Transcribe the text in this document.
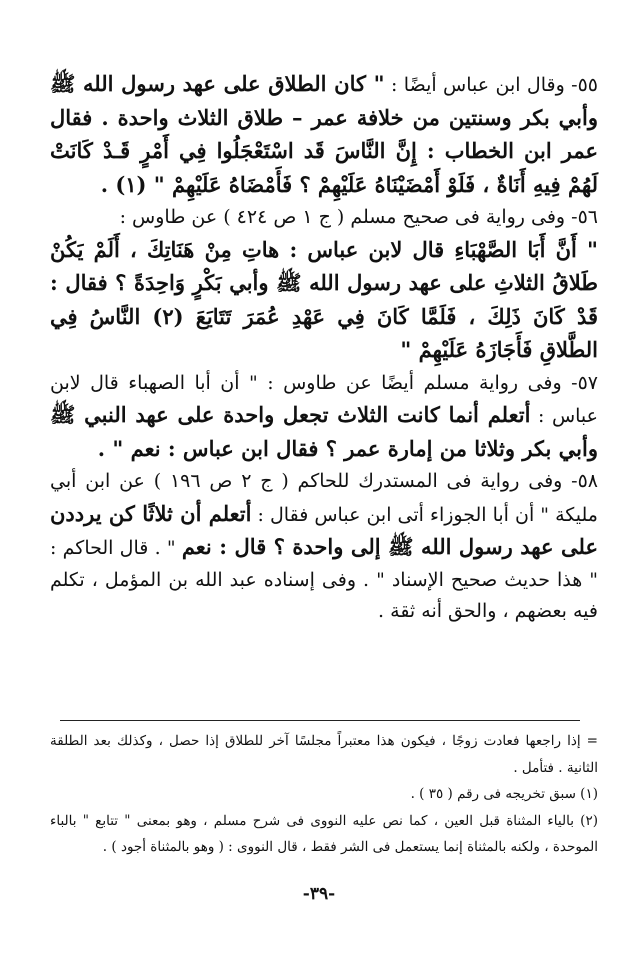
٥٥- وقال ابن عباس أيضًا : " كان الطلاق على عهد رسول الله ﷺ وأبي بكر وسنتين من خلافة عمر – طلاق الثلاث واحدة . فقال عمر ابن الخطاب : إِنَّ النَّاسَ قَد اسْتَعْجَلُوا فِي أَمْرٍ قَـدْ كَانَتْ لَهُمْ فِيهِ أَنَاةٌ ، فَلَوْ أَمْضَيْنَاهُ عَلَيْهِمْ ؟ فَأَمْضَاهُ عَلَيْهِمْ " (١) .

٥٦- وفى رواية فى صحيح مسلم ( ج ١ ص ٤٢٤ ) عن طاوس :
" أَنَّ أَبَا الصَّهْبَاءِ قال لابن عباس : هاتِ مِنْ هَنَاتِكَ ، أَلَمْ يَكُنْ طَلاقُ الثلاثِ على عهد رسول الله ﷺ وأبي بَكْرٍ وَاحِدَةً ؟ فقال : قَدْ كَانَ ذَلِكَ ، فَلَمَّا كَانَ فِي عَهْدِ عُمَرَ تَتَايَعَ (٢) النَّاسُ فِي الطَّلاقِ فَأَجَازَهُ عَلَيْهِمْ "

٥٧- وفى رواية مسلم أيضًا عن طاوس : " أن أبا الصهباء قال لابن عباس : أتعلم أنما كانت الثلاث تجعل واحدة على عهد النبي ﷺ وأبي بكر وثلاثا من إمارة عمر ؟ فقال ابن عباس : نعم " .

٥٨- وفى رواية فى المستدرك للحاكم ( ج ٢ ص ١٩٦ ) عن ابن أبي مليكة " أن أبا الجوزاء أتى ابن عباس فقال : أتعلم أن ثلاثًا كن يرددن على عهد رسول الله ﷺ إلى واحدة ؟ قال : نعم " . قال الحاكم : " هذا حديث صحيح الإسناد " . وفى إسناده عبد الله بن المؤمل ، تكلم فيه بعضهم ، والحق أنه ثقة .

= إذا راجعها فعادت زوجًا ، فيكون هذا معتبراً مجلسًا آخر للطلاق إذا حصل ، وكذلك بعد الطلقة الثانية . فتأمل .

(١) سبق تخريجه فى رقم ( ٣٥ ) .

(٢) بالياء المثناة قبل العين ، كما نص عليه النووى فى شرح مسلم ، وهو بمعنى " تتابع " بالباء الموحدة ، ولكنه بالمثناة إنما يستعمل فى الشر فقط ، قال النووى : ( وهو بالمثناة أجود ) .

-٣٩-
